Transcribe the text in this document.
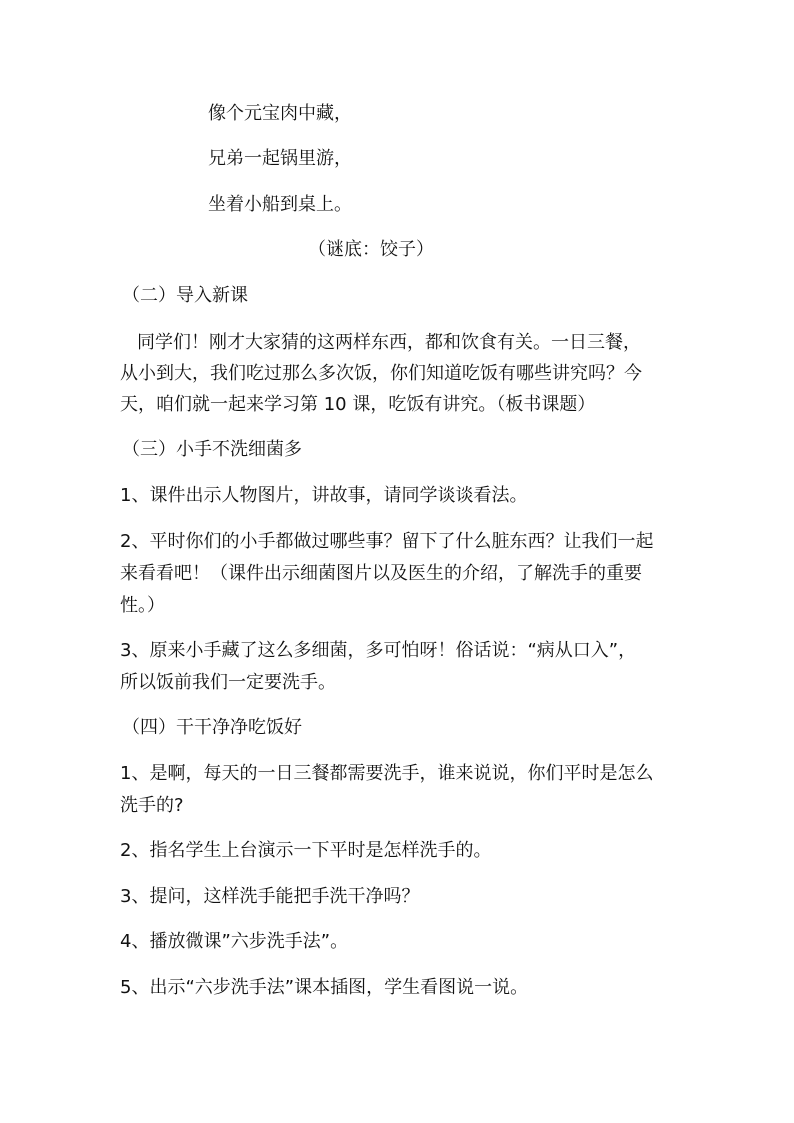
像个元宝肉中藏，
兄弟一起锅里游，
坐着小船到桌上。
（谜底：饺子）
（二）导入新课
同学们！刚才大家猜的这两样东西，都和饮食有关。一日三餐，
从小到大，我们吃过那么多次饭，你们知道吃饭有哪些讲究吗？今
天，咱们就一起来学习第 10 课，吃饭有讲究。（板书课题）
（三）小手不洗细菌多
1、课件出示人物图片，讲故事，请同学谈谈看法。
2、平时你们的小手都做过哪些事？留下了什么脏东西？让我们一起
来看看吧！（课件出示细菌图片以及医生的介绍，了解洗手的重要
性。）
3、原来小手藏了这么多细菌，多可怕呀！俗话说：“病从口入”，
所以饭前我们一定要洗手。
（四）干干净净吃饭好
1、是啊，每天的一日三餐都需要洗手，谁来说说，你们平时是怎么
洗手的?
2、指名学生上台演示一下平时是怎样洗手的。
3、提问，这样洗手能把手洗干净吗？
4、播放微课”六步洗手法”。
5、出示“六步洗手法”课本插图，学生看图说一说。
